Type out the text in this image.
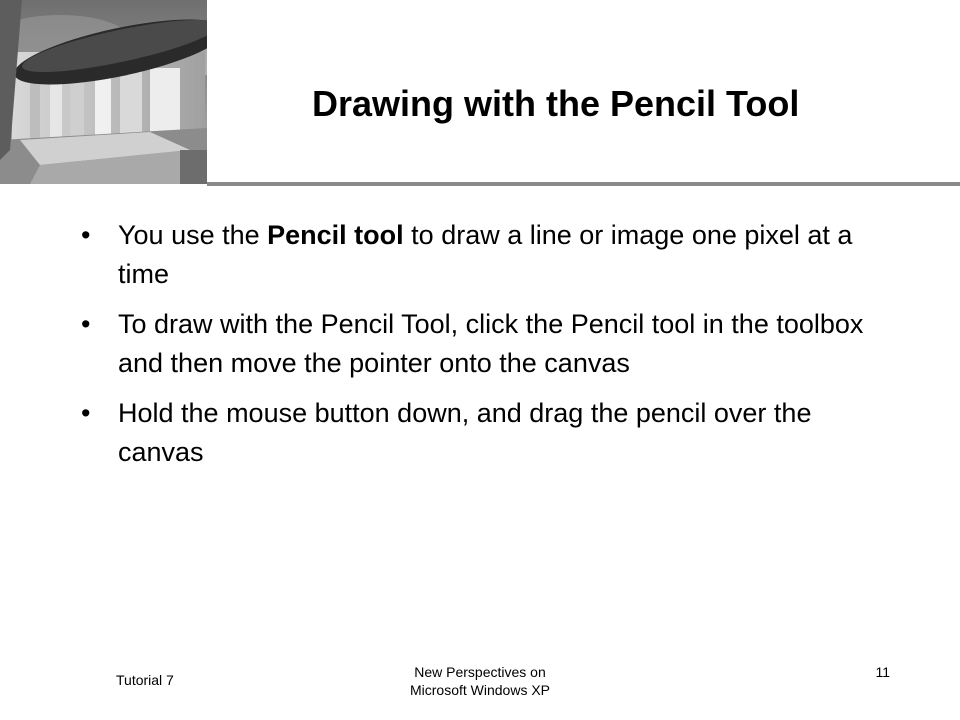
Drawing with the Pencil Tool
• You use the Pencil tool to draw a line or image one pixel at a time
• To draw with the Pencil Tool, click the Pencil tool in the toolbox and then move the pointer onto the canvas
• Hold the mouse button down, and drag the pencil over the canvas
Tutorial 7	New Perspectives on
Microsoft Windows XP
11
